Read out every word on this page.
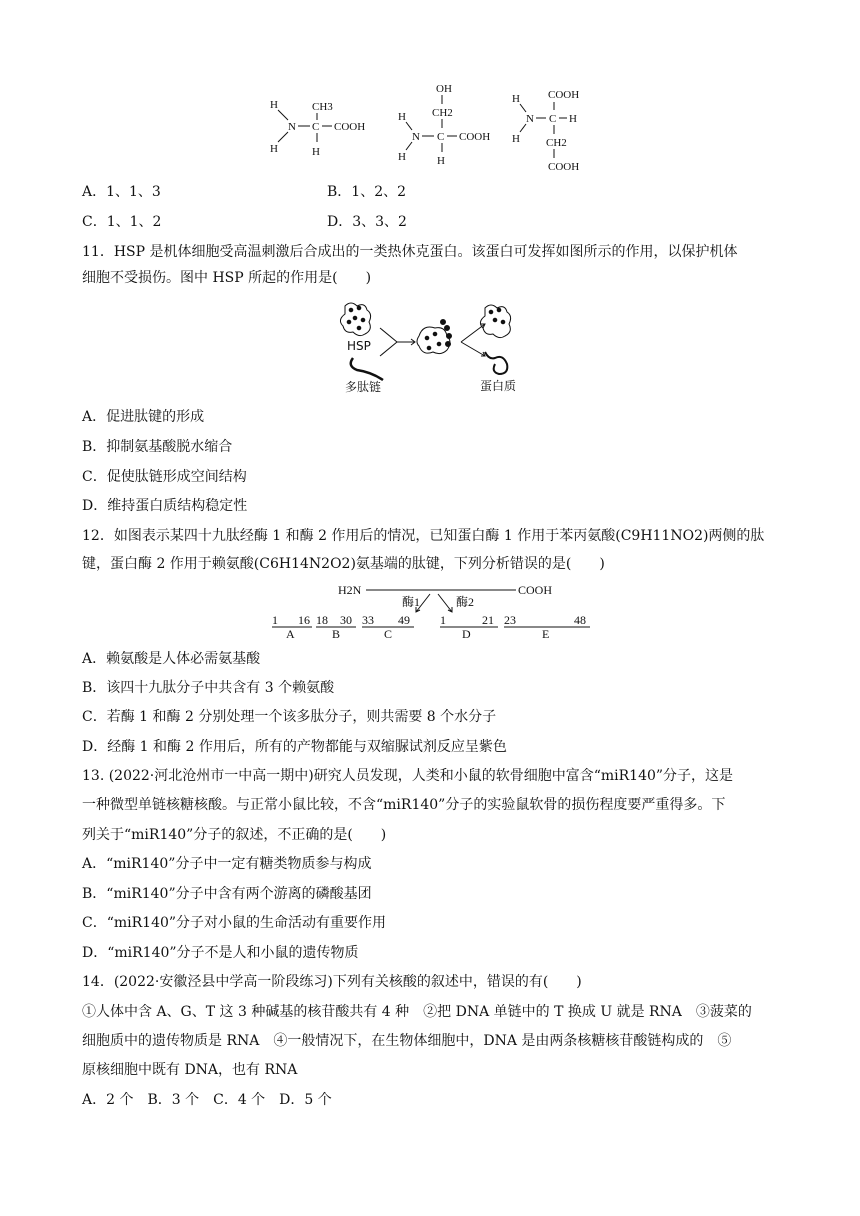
H
N
H
CH3
C COOH
H
OH
CH2
H
N
H
C COOH
H
H
N
H
C H
COOH
CH2
COOH
A．1、1、3	B．1、2、2
C．1、1、2	D．3、3、2
11．HSP 是机体细胞受高温刺激后合成出的一类热休克蛋白。该蛋白可发挥如图所示的作用，以保护机体
细胞不受损伤。图中 HSP 所起的作用是(　　)
HSP
多肽链	蛋白质
A．促进肽键的形成
B．抑制氨基酸脱水缩合
C．促使肽链形成空间结构
D．维持蛋白质结构稳定性
12．如图表示某四十九肽经酶 1 和酶 2 作用后的情况，已知蛋白酶 1 作用于苯丙氨酸(C9H11NO2)两侧的肽
键，蛋白酶 2 作用于赖氨酸(C6H14N2O2)氨基端的肽键，下列分析错误的是(　　)
H2N	COOH
酶1	酶2
1 16
A
18 30
B
33 49
C
1	21
D
23	48
E
A．赖氨酸是人体必需氨基酸
B．该四十九肽分子中共含有 3 个赖氨酸
C．若酶 1 和酶 2 分别处理一个该多肽分子，则共需要 8 个水分子
D．经酶 1 和酶 2 作用后，所有的产物都能与双缩脲试剂反应呈紫色
13. (2022·河北沧州市一中高一期中)研究人员发现，人类和小鼠的软骨细胞中富含“miR140”分子，这是
一种微型单链核糖核酸。与正常小鼠比较，不含“miR140”分子的实验鼠软骨的损伤程度要严重得多。下
列关于“miR140”分子的叙述，不正确的是(　　)
A．“miR140”分子中一定有糖类物质参与构成
B．“miR140”分子中含有两个游离的磷酸基团
C．“miR140”分子对小鼠的生命活动有重要作用
D．“miR140”分子不是人和小鼠的遗传物质
14．(2022·安徽泾县中学高一阶段练习)下列有关核酸的叙述中，错误的有(　　)
①人体中含 A、G、T 这 3 种碱基的核苷酸共有 4 种　②把 DNA 单链中的 T 换成 U 就是 RNA　③菠菜的
细胞质中的遗传物质是 RNA　④一般情况下，在生物体细胞中，DNA 是由两条核糖核苷酸链构成的　⑤
原核细胞中既有 DNA，也有 RNA
A．2 个　B．3 个　C．4 个　D．5 个
